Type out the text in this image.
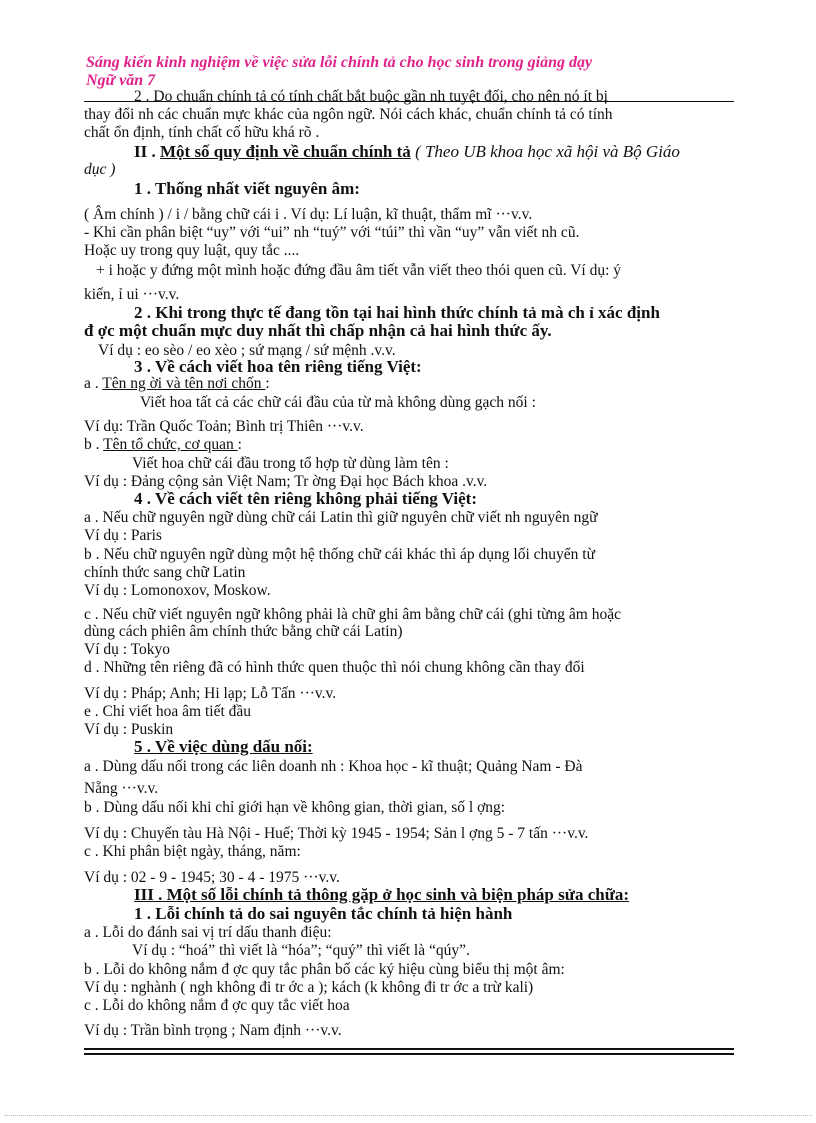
Sáng kiến kinh nghiệm về việc sửa lỗi chính tả cho học sinh trong giảng dạy
Ngữ văn 7
2 . Do chuẩn chính tả có tính chất bắt buộc gần nh tuyệt đối, cho nên nó ít bị
thay đổi nh các chuẩn mực khác của ngôn ngữ. Nói cách khác, chuẩn chính tả có tính
chất ổn định, tính chất cố hữu khá rõ .
II . Một số quy định về chuẩn chính tả ( Theo UB khoa học xã hội và Bộ Giáo
dục )
1 . Thống nhất viết nguyên âm:
( Âm chính ) / i / bằng chữ cái i . Ví dụ: Lí luận, kĩ thuật, thẩm mĩ ···v.v.
- Khi cần phân biệt “uy” với “ui” nh “tuý” với “túi” thì vần “uy” vẫn viết nh cũ.
Hoặc uy trong quy luật, quy tắc ....
+ i hoặc y đứng một mình hoặc đứng đầu âm tiết vẫn viết theo thói quen cũ. Ví dụ: ý
kiến, ỉ ui ···v.v.
2 . Khi trong thực tế đang tồn tại hai hình thức chính tả mà ch ỉ xác định
đ ợc một chuẩn mực duy nhất thì chấp nhận cả hai hình thức ấy.
Ví dụ : eo sèo / eo xèo ; sứ mạng / sứ mệnh .v.v.
3 . Về cách viết hoa tên riêng tiếng Việt:
a . Tên ng ời và tên nơi chốn :
Viết hoa tất cả các chữ cái đầu của từ mà không dùng gạch nối :
Ví dụ: Trần Quốc Toản; Bình trị Thiên ···v.v.
b . Tên tổ chức, cơ quan :
Viết hoa chữ cái đầu trong tổ hợp từ dùng làm tên :
Ví dụ : Đảng cộng sản Việt Nam; Tr ờng Đại học Bách khoa .v.v.
4 . Về cách viết tên riêng không phải tiếng Việt:
a . Nếu chữ nguyên ngữ dùng chữ cái Latin thì giữ nguyên chữ viết nh nguyên ngữ
Ví dụ : Paris
b . Nếu chữ nguyên ngữ dùng một hệ thống chữ cái khác thì áp dụng lối chuyển từ
chính thức sang chữ Latin
Ví dụ : Lomonoxov, Moskow.
c . Nếu chữ viết nguyên ngữ không phải là chữ ghi âm bằng chữ cái (ghi từng âm hoặc
dùng cách phiên âm chính thức bằng chữ cái Latin)
Ví dụ : Tokyo
d . Những tên riêng đã có hình thức quen thuộc thì nói chung không cần thay đổi
Ví dụ : Pháp; Anh; Hi lạp; Lỗ Tấn ···v.v.
e . Chỉ viết hoa âm tiết đầu
Ví dụ : Puskin
5 . Về việc dùng dấu nối:
a . Dùng dấu nối trong các liên doanh nh : Khoa học - kĩ thuật; Quảng Nam - Đà
Nẵng ···v.v.
b . Dùng dấu nối khi chỉ giới hạn về không gian, thời gian, số l ợng:
Ví dụ : Chuyến tàu Hà Nội - Huế; Thời kỳ 1945 - 1954; Sản l ợng 5 - 7 tấn ···v.v.
c . Khi phân biệt ngày, tháng, năm:
Ví dụ : 02 - 9 - 1945; 30 - 4 - 1975 ···v.v.
III . Một số lỗi chính tả thông gặp ở học sinh và biện pháp sửa chữa:
1 . Lỗi chính tả do sai nguyên tắc chính tả hiện hành
a . Lỗi do đánh sai vị trí dấu thanh điệu:
Ví dụ : “hoá” thì viết là “hóa”; “quý” thì viết là “qúy”.
b . Lỗi do không nắm đ ợc quy tắc phân bố các ký hiệu cùng biểu thị một âm:
Ví dụ : nghành ( ngh không đi tr ớc a ); kách (k không đi tr ớc a trừ kali)
c . Lỗi do không nắm đ ợc quy tắc viết hoa
Ví dụ : Trần bình trọng ; Nam định ···v.v.
